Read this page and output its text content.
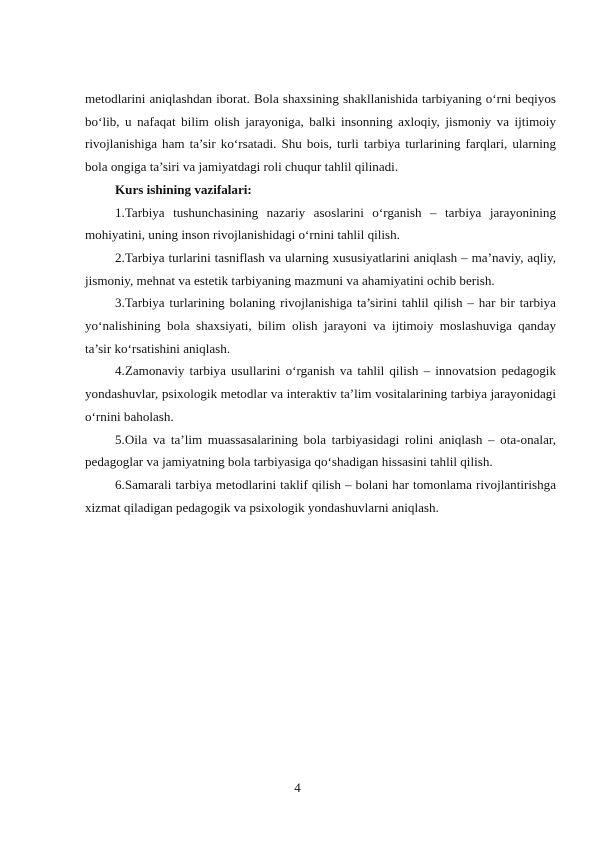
metodlarini aniqlashdan iborat. Bola shaxsining shakllanishida tarbiyaning o‘rni beqiyos bo‘lib, u nafaqat bilim olish jarayoniga, balki insonning axloqiy, jismoniy va ijtimoiy rivojlanishiga ham ta’sir ko‘rsatadi. Shu bois, turli tarbiya turlarining farqlari, ularning bola ongiga ta’siri va jamiyatdagi roli chuqur tahlil qilinadi.

Kurs ishining vazifalari:

1.Tarbiya tushunchasining nazariy asoslarini o‘rganish – tarbiya jarayonining mohiyatini, uning inson rivojlanishidagi o‘rnini tahlil qilish.

2.Tarbiya turlarini tasniflash va ularning xususiyatlarini aniqlash – ma’naviy, aqliy, jismoniy, mehnat va estetik tarbiyaning mazmuni va ahamiyatini ochib berish.

3.Tarbiya turlarining bolaning rivojlanishiga ta’sirini tahlil qilish – har bir tarbiya yo‘nalishining bola shaxsiyati, bilim olish jarayoni va ijtimoiy moslashuviga qanday ta’sir ko‘rsatishini aniqlash.

4.Zamonaviy tarbiya usullarini o‘rganish va tahlil qilish – innovatsion pedagogik yondashuvlar, psixologik metodlar va interaktiv ta’lim vositalarining tarbiya jarayonidagi o‘rnini baholash.

5.Oila va ta’lim muassasalarining bola tarbiyasidagi rolini aniqlash – ota-onalar, pedagoglar va jamiyatning bola tarbiyasiga qo‘shadigan hissasini tahlil qilish.

6.Samarali tarbiya metodlarini taklif qilish – bolani har tomonlama rivojlantirishga xizmat qiladigan pedagogik va psixologik yondashuvlarni aniqlash.

4
